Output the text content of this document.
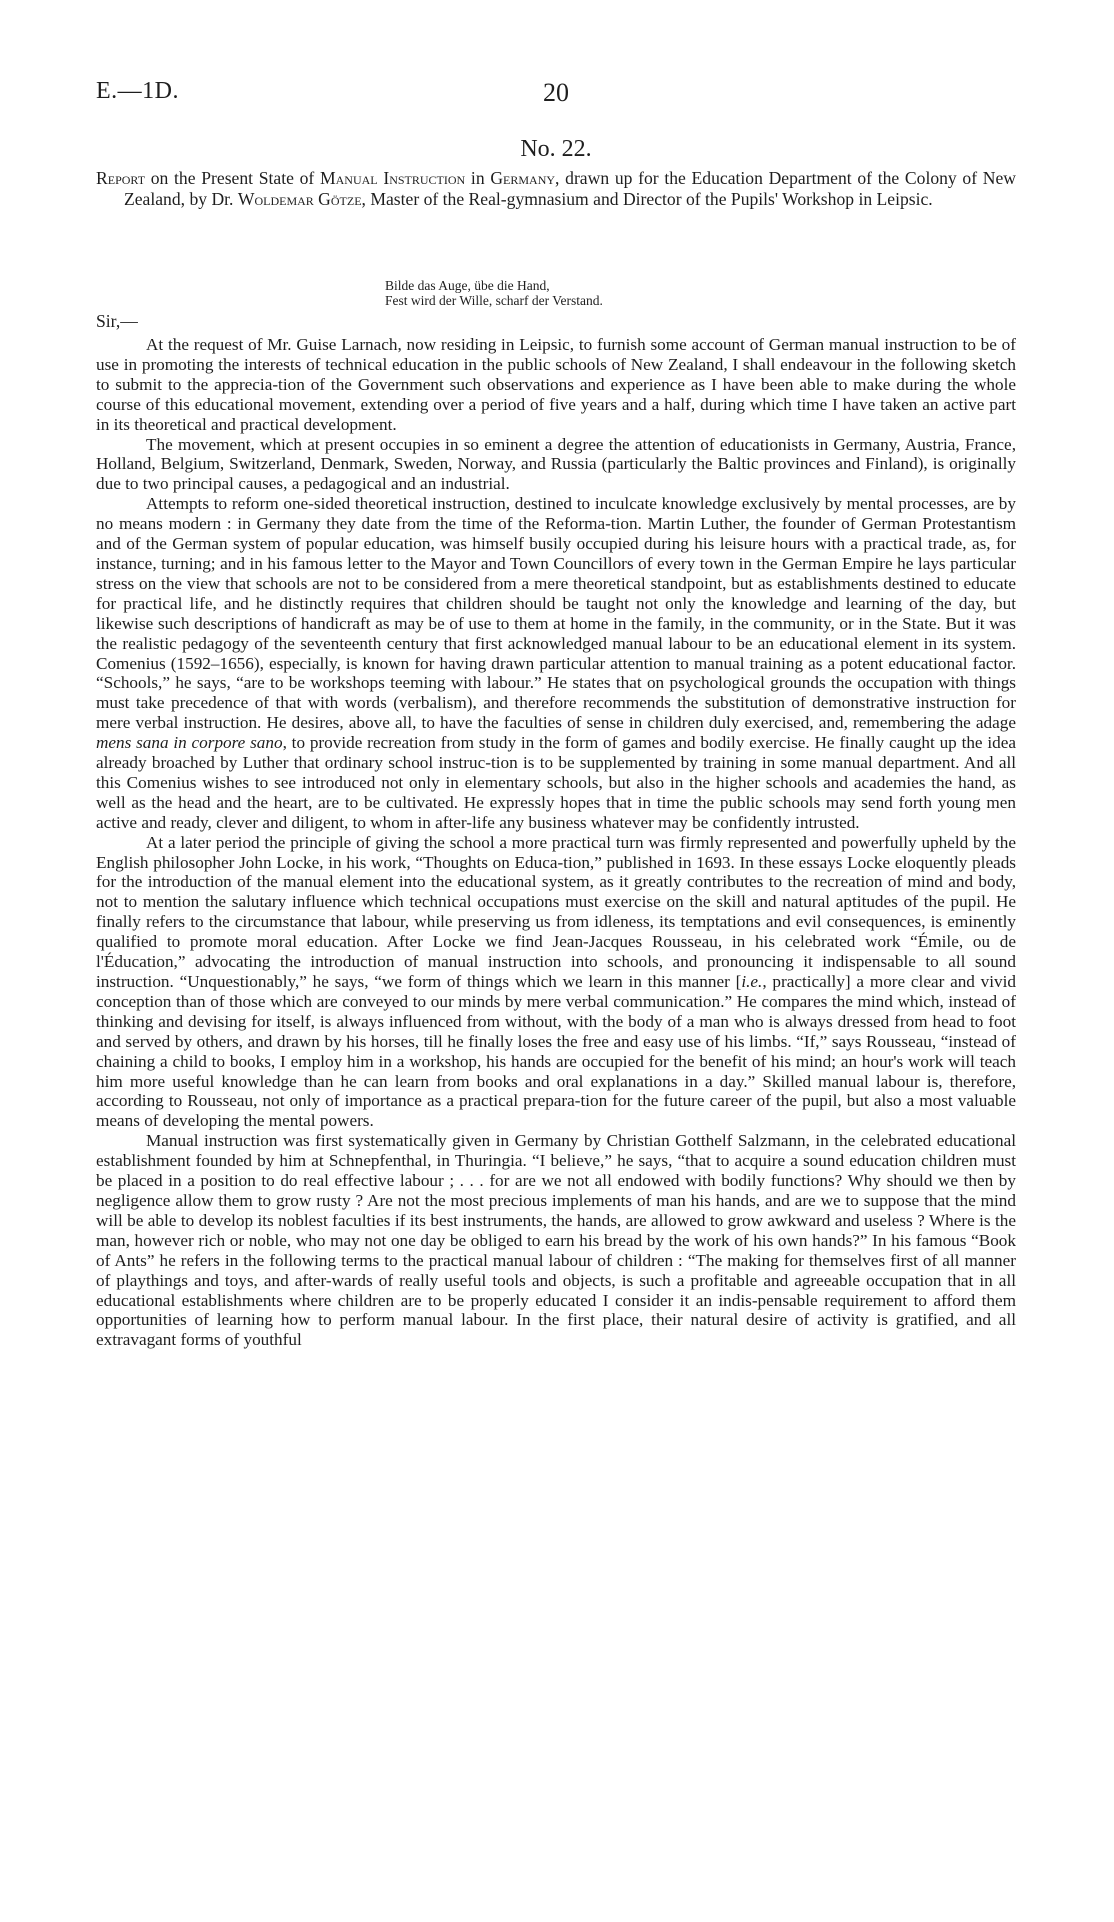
E.—1D.	20
No. 22.

Report on the Present State of Manual Instruction in Germany, drawn up for the Education Department of the Colony of New Zealand, by Dr. Woldemar Götze, Master of the Real-gymnasium and Director of the Pupils' Workshop in Leipsic.

Bilde das Auge, übe die Hand,
Fest wird der Wille, scharf der Verstand.
Sir,—

At the request of Mr. Guise Larnach, now residing in Leipsic, to furnish some account of German manual instruction to be of use in promoting the interests of technical education in the public schools of New Zealand, I shall endeavour in the following sketch to submit to the apprecia-tion of the Government such observations and experience as I have been able to make during the whole course of this educational movement, extending over a period of five years and a half, during which time I have taken an active part in its theoretical and practical development.

The movement, which at present occupies in so eminent a degree the attention of educationists in Germany, Austria, France, Holland, Belgium, Switzerland, Denmark, Sweden, Norway, and Russia (particularly the Baltic provinces and Finland), is originally due to two principal causes, a pedagogical and an industrial.

Attempts to reform one-sided theoretical instruction, destined to inculcate knowledge exclusively by mental processes, are by no means modern : in Germany they date from the time of the Reforma-tion. Martin Luther, the founder of German Protestantism and of the German system of popular education, was himself busily occupied during his leisure hours with a practical trade, as, for instance, turning; and in his famous letter to the Mayor and Town Councillors of every town in the German Empire he lays particular stress on the view that schools are not to be considered from a mere theoretical standpoint, but as establishments destined to educate for practical life, and he distinctly requires that children should be taught not only the knowledge and learning of the day, but likewise such descriptions of handicraft as may be of use to them at home in the family, in the community, or in the State. But it was the realistic pedagogy of the seventeenth century that first acknowledged manual labour to be an educational element in its system. Comenius (1592–1656), especially, is known for having drawn particular attention to manual training as a potent educational factor. “Schools,” he says, “are to be workshops teeming with labour.” He states that on psychological grounds the occupation with things must take precedence of that with words (verbalism), and therefore recommends the substitution of demonstrative instruction for mere verbal instruction. He desires, above all, to have the faculties of sense in children duly exercised, and, remembering the adage mens sana in corpore sano, to provide recreation from study in the form of games and bodily exercise. He finally caught up the idea already broached by Luther that ordinary school instruc-tion is to be supplemented by training in some manual department. And all this Comenius wishes to see introduced not only in elementary schools, but also in the higher schools and academies the hand, as well as the head and the heart, are to be cultivated. He expressly hopes that in time the public schools may send forth young men active and ready, clever and diligent, to whom in after-life any business whatever may be confidently intrusted.

At a later period the principle of giving the school a more practical turn was firmly represented and powerfully upheld by the English philosopher John Locke, in his work, “Thoughts on Educa-tion,” published in 1693. In these essays Locke eloquently pleads for the introduction of the manual element into the educational system, as it greatly contributes to the recreation of mind and body, not to mention the salutary influence which technical occupations must exercise on the skill and natural aptitudes of the pupil. He finally refers to the circumstance that labour, while preserving us from idleness, its temptations and evil consequences, is eminently qualified to promote moral education. After Locke we find Jean-Jacques Rousseau, in his celebrated work “Émile, ou de l'Éducation,” advocating the introduction of manual instruction into schools, and pronouncing it indispensable to all sound instruction. “Unquestionably,” he says, “we form of things which we learn in this manner [i.e., practically] a more clear and vivid conception than of those which are conveyed to our minds by mere verbal communication.” He compares the mind which, instead of thinking and devising for itself, is always influenced from without, with the body of a man who is always dressed from head to foot and served by others, and drawn by his horses, till he finally loses the free and easy use of his limbs. “If,” says Rousseau, “instead of chaining a child to books, I employ him in a workshop, his hands are occupied for the benefit of his mind; an hour's work will teach him more useful knowledge than he can learn from books and oral explanations in a day.” Skilled manual labour is, therefore, according to Rousseau, not only of importance as a practical prepara-tion for the future career of the pupil, but also a most valuable means of developing the mental powers.

Manual instruction was first systematically given in Germany by Christian Gotthelf Salzmann, in the celebrated educational establishment founded by him at Schnepfenthal, in Thuringia. “I believe,” he says, “that to acquire a sound education children must be placed in a position to do real effective labour ; . . . for are we not all endowed with bodily functions? Why should we then by negligence allow them to grow rusty ? Are not the most precious implements of man his hands, and are we to suppose that the mind will be able to develop its noblest faculties if its best instruments, the hands, are allowed to grow awkward and useless ? Where is the man, however rich or noble, who may not one day be obliged to earn his bread by the work of his own hands?” In his famous “Book of Ants” he refers in the following terms to the practical manual labour of children : “The making for themselves first of all manner of playthings and toys, and after-wards of really useful tools and objects, is such a profitable and agreeable occupation that in all educational establishments where children are to be properly educated I consider it an indis-pensable requirement to afford them opportunities of learning how to perform manual labour. In the first place, their natural desire of activity is gratified, and all extravagant forms of youthful
